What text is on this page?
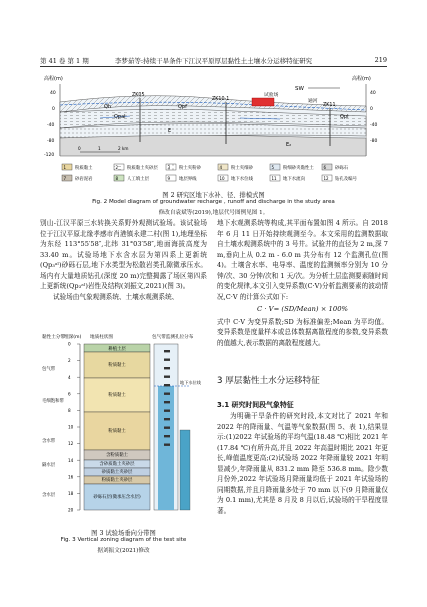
第 41 卷 第 1 期	李梦茹等:持续干旱条件下江汉平原厚层黏性土土壤水分运移特征研究	219
高程(m)
40
0
-40
-80
-120
高程(m)
40
0
-40
-80
SW
ZK05
ZK10-1
ZK11
试验场
通河
Qh	Qpf
Qpl
Qpal
E
E₂
0	1	2 km
1 粉质黏土	2 粉质黏土夹砂层 3 粉土夹粉砂	4 粉土夹细砂	5 粉细砂夹黏性土 6 砂砾石
7 砂岩泥岩	8 人工填土层	9 地层界线	10 地下水位线	11 地下水流向	12 钻孔及编号
图 2 研究区地下水补、径、排模式图
Fig. 2 Model diagram of groundwater recharge , runoff and discharge in the study area
修改自袁斌等(2019),地层代号图例见图 1。

别山-江汉平原三水转换关系野外观测试验场。该试验场位于江汉平原北缘孝感市肖港镇永建二村(图 1),地理坐标为东经 113°55′58″,北纬 31°03′58″,地面海拔高度为 33.40 m。试验场地下水含水层为第四系上更新统(Qp₃ᵃˡ)砂砾石层,地下水类型为松散岩类孔隙微承压水。场内有大量地质钻孔(深度 20 m)完整揭露了场区第四系上更新统(Qp₃ᵃˡ)岩性及结构(刘振文,2021)(图 3)。

试验场由气象观测系统、土壤水观测系统、

黏性土分带 埋深(m) 地质柱状图	包气带监测孔位分布
0
2
4
6
8
10
12
14
16
18
20
耕植土层
粉质黏土
粉质黏土
粉质黏土
含粉质黏土
含砂质黏土夹砂层
砂质黏土夹砂层
粉质黏土夹砂层
砂砾石层(微承压含水层)
包气带
毛细饱和带
含水带
隔水层
含水层
地下水位线
图 3 试验场垂向分带图
Fig. 3 Vertical zoning diagram of the test site
据刘振文(2021)修改

地下水观测系统等构成,其平面布置如图 4 所示。自 2018 年 6 月 11 日开始持续观测至今。本文采用的监测数据取自土壤水观测系统中的 3 号井。试验井的直径为 2 m,深 7 m,垂向上从 0.2 m - 6.0 m 共分布有 12 个监测孔位(图 4)。土壤含水率、电导率、温度的监测频率分别为 10 分钟/次、30 分钟/次和 1 天/次。为分析土层监测要素随时间的变化规律,本文引入变异系数(C·V)分析监测要素的波动情况,C·V 的计算公式如下:

C · V= (SD/Mean) × 100%

式中 C·V 为变异系数;SD 为标准偏差;Mean 为平均值。变异系数是度量样本或总体数据离散程度的参数,变异系数的值越大,表示数据的离散程度越大。

3 厚层黏性土水分运移特征
3.1 研究时间段气象特征

为明确干旱条件的研究时段,本文对比了 2021 年和 2022 年的降雨量、气温等气象数据(图 5、表 1),结果显示:(1)2022 年试验场的平均气温(18.48 ℃)相比 2021 年(17.84 ℃)有所升高,并且 2022 年高温时期比 2021 年更长,峰值温度更高;(2)试验场 2022 年降雨量较 2021 年明显减少,年降雨量从 831.2 mm 降至 536.8 mm。除少数月份外,2022 年试验场月降雨量均低于 2021 年试验场的同期数据,并且月降雨量多处于 70 mm 以下(9 月降雨量仅为 0.1 mm),尤其是 8 月及 8 月以后,试验场的干旱程度显著。
